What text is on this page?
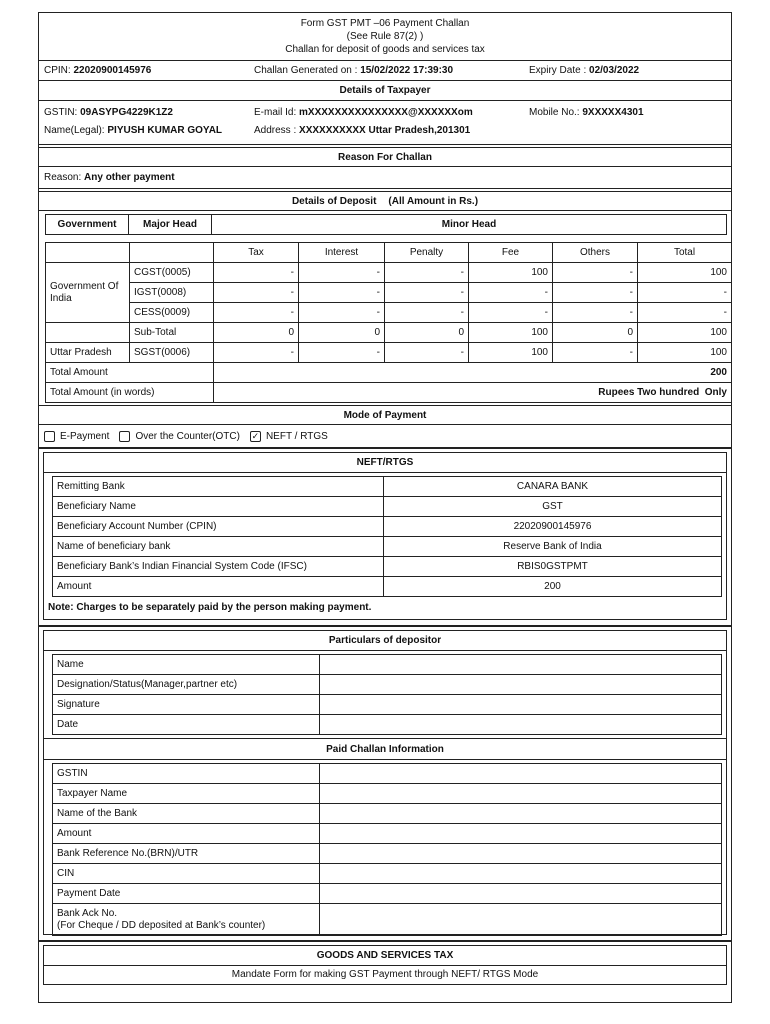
Form GST PMT –06 Payment Challan
(See Rule 87(2) )
Challan for deposit of goods and services tax
CPIN: 22020900145976	Challan Generated on : 15/02/2022 17:39:30	Expiry Date : 02/03/2022
Details of Taxpayer
GSTIN: 09ASYPG4229K1Z2	E-mail Id: mXXXXXXXXXXXXXXX@XXXXXXom	Mobile No.: 9XXXXX4301
Name(Legal): PIYUSH KUMAR GOYAL	Address : XXXXXXXXXX Uttar Pradesh,201301
Reason For Challan
Reason:
Any other payment
Details of Deposit (All Amount in Rs.)
Government	Major Head	Minor Head
		Tax	Interest	Penalty	Fee	Others	Total
Government Of India	CGST(0005)	-	-	-	100	-	100
	IGST(0008)	-	-	-	-	-	-
	CESS(0009)	-	-	-	-	-	-
	Sub-Total	0	0	0	100	0	100
Uttar Pradesh	SGST(0006)	-	-	-	100	-	100
Total Amount		200					
Total Amount (in words)		Rupees Two hundred  Only					
Mode of Payment
E-Payment	Over the Counter(OTC) ✓ NEFT / RTGS
NEFT/RTGS
Remitting Bank	CANARA BANK
Beneficiary Name	GST
Beneficiary Account Number (CPIN)	22020900145976
Name of beneficiary bank	Reserve Bank of India
Beneficiary Bank’s Indian Financial System Code (IFSC)	RBIS0GSTPMT
Amount	200
Note: Charges to be separately paid by the person making payment.
Particulars of depositor
Name	
Designation/Status(Manager,partner etc)	
Signature	
Date	
Paid Challan Information
GSTIN	
Taxpayer Name	
Name of the Bank	
Amount	
Bank Reference No.(BRN)/UTR	
CIN	
Payment Date	

Bank Ack No.
(For Cheque / DD deposited at Bank’s counter)	

GOODS AND SERVICES TAX
Mandate Form for making GST Payment through NEFT/ RTGS Mode
